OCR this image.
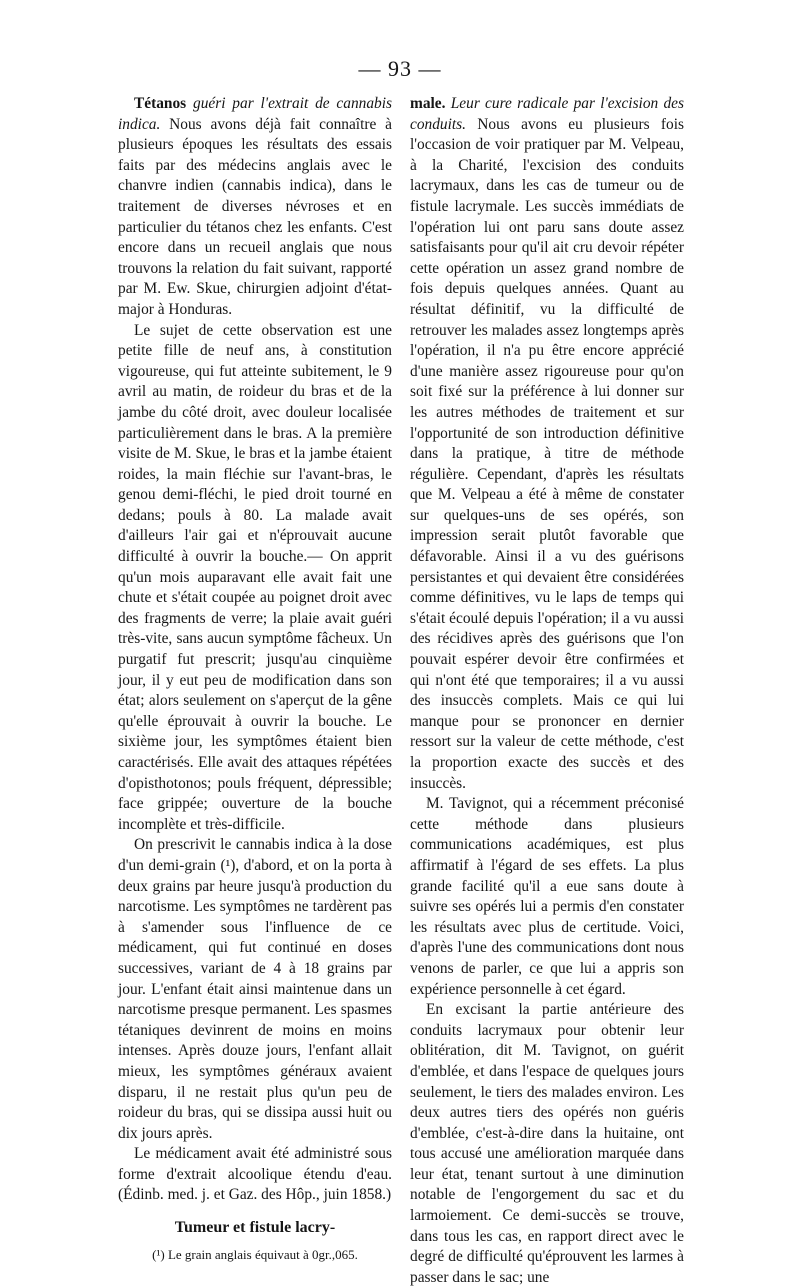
— 93 —

Tétanos guéri par l'extrait de cannabis indica. Nous avons déjà fait connaître à plusieurs époques les résultats des essais faits par des médecins anglais avec le chanvre indien (cannabis indica), dans le traitement de diverses névroses et en particulier du tétanos chez les enfants. C'est encore dans un recueil anglais que nous trouvons la relation du fait suivant, rapporté par M. Ew. Skue, chirurgien adjoint d'état-major à Honduras.

Le sujet de cette observation est une petite fille de neuf ans, à constitution vigoureuse, qui fut atteinte subitement, le 9 avril au matin, de roideur du bras et de la jambe du côté droit, avec douleur localisée particulièrement dans le bras. A la première visite de M. Skue, le bras et la jambe étaient roides, la main fléchie sur l'avant-bras, le genou demi-fléchi, le pied droit tourné en dedans; pouls à 80. La malade avait d'ailleurs l'air gai et n'éprouvait aucune difficulté à ouvrir la bouche.— On apprit qu'un mois auparavant elle avait fait une chute et s'était coupée au poignet droit avec des fragments de verre; la plaie avait guéri très-vite, sans aucun symptôme fâcheux. Un purgatif fut prescrit; jusqu'au cinquième jour, il y eut peu de modification dans son état; alors seulement on s'aperçut de la gêne qu'elle éprouvait à ouvrir la bouche. Le sixième jour, les symptômes étaient bien caractérisés. Elle avait des attaques répétées d'opisthotonos; pouls fréquent, dépressible; face grippée; ouverture de la bouche incomplète et très-difficile.

On prescrivit le cannabis indica à la dose d'un demi-grain (¹), d'abord, et on la porta à deux grains par heure jusqu'à production du narcotisme. Les symptômes ne tardèrent pas à s'amender sous l'influence de ce médicament, qui fut continué en doses successives, variant de 4 à 18 grains par jour. L'enfant était ainsi maintenue dans un narcotisme presque permanent. Les spasmes tétaniques devinrent de moins en moins intenses. Après douze jours, l'enfant allait mieux, les symptômes généraux avaient disparu, il ne restait plus qu'un peu de roideur du bras, qui se dissipa aussi huit ou dix jours après.

Le médicament avait été administré sous forme d'extrait alcoolique étendu d'eau. (Édinb. med. j. et Gaz. des Hôp., juin 1858.)

Tumeur et fistule lacry-
(¹) Le grain anglais équivaut à 0gr.,065.

male. Leur cure radicale par l'excision des conduits. Nous avons eu plusieurs fois l'occasion de voir pratiquer par M. Velpeau, à la Charité, l'excision des conduits lacrymaux, dans les cas de tumeur ou de fistule lacrymale. Les succès immédiats de l'opération lui ont paru sans doute assez satisfaisants pour qu'il ait cru devoir répéter cette opération un assez grand nombre de fois depuis quelques années. Quant au résultat définitif, vu la difficulté de retrouver les malades assez longtemps après l'opération, il n'a pu être encore apprécié d'une manière assez rigoureuse pour qu'on soit fixé sur la préférence à lui donner sur les autres méthodes de traitement et sur l'opportunité de son introduction définitive dans la pratique, à titre de méthode régulière. Cependant, d'après les résultats que M. Velpeau a été à même de constater sur quelques-uns de ses opérés, son impression serait plutôt favorable que défavorable. Ainsi il a vu des guérisons persistantes et qui devaient être considérées comme définitives, vu le laps de temps qui s'était écoulé depuis l'opération; il a vu aussi des récidives après des guérisons que l'on pouvait espérer devoir être confirmées et qui n'ont été que temporaires; il a vu aussi des insuccès complets. Mais ce qui lui manque pour se prononcer en dernier ressort sur la valeur de cette méthode, c'est la proportion exacte des succès et des insuccès.

M. Tavignot, qui a récemment préconisé cette méthode dans plusieurs communications académiques, est plus affirmatif à l'égard de ses effets. La plus grande facilité qu'il a eue sans doute à suivre ses opérés lui a permis d'en constater les résultats avec plus de certitude. Voici, d'après l'une des communications dont nous venons de parler, ce que lui a appris son expérience personnelle à cet égard.

En excisant la partie antérieure des conduits lacrymaux pour obtenir leur oblitération, dit M. Tavignot, on guérit d'emblée, et dans l'espace de quelques jours seulement, le tiers des malades environ. Les deux autres tiers des opérés non guéris d'emblée, c'est-à-dire dans la huitaine, ont tous accusé une amélioration marquée dans leur état, tenant surtout à une diminution notable de l'engorgement du sac et du larmoiement. Ce demi-succès se trouve, dans tous les cas, en rapport direct avec le degré de difficulté qu'éprouvent les larmes à passer dans le sac; une
